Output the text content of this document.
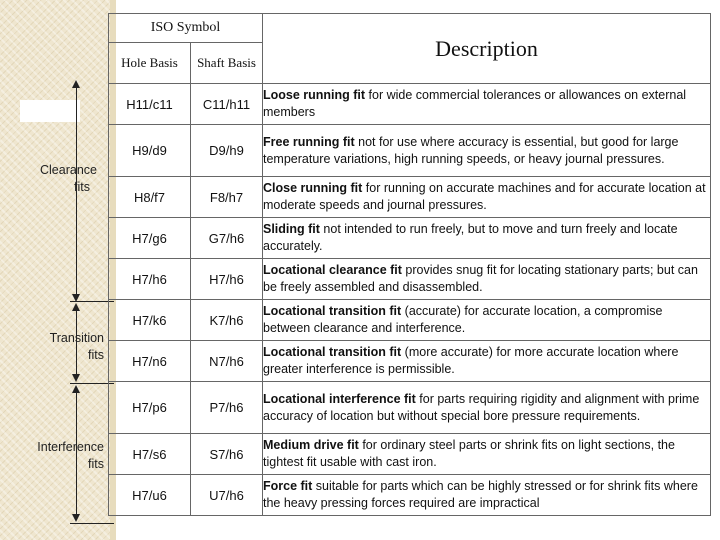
Clearance fits
Transition fits
Interference fits
ISO Symbol		Description
Hole Basis	Shaft Basis	
H11/c11	C11/h11	Loose running fit for wide commercial tolerances or allowances on external members
H9/d9	D9/h9	Free running fit not for use where accuracy is essential, but good for large temperature variations, high running speeds, or heavy journal pressures.
H8/f7	F8/h7	Close running fit for running on accurate machines and for accurate location at moderate speeds and journal pressures.
H7/g6	G7/h6	Sliding fit not intended to run freely, but to move and turn freely and locate accurately.
H7/h6	H7/h6	Locational clearance fit provides snug fit for locating stationary parts; but can be freely assembled and disassembled.
H7/k6	K7/h6	Locational transition fit (accurate) for accurate location, a compromise between clearance and interference.
H7/n6	N7/h6	Locational transition fit (more accurate) for more accurate location where greater interference is permissible.
H7/p6	P7/h6	Locational interference fit for parts requiring rigidity and alignment with prime accuracy of location but without special bore pressure requirements.
H7/s6	S7/h6	Medium drive fit for ordinary steel parts or shrink fits on light sections, the tightest fit usable with cast iron.
H7/u6	U7/h6	Force fit suitable for parts which can be highly stressed or for shrink fits where the heavy pressing forces required are impractical
